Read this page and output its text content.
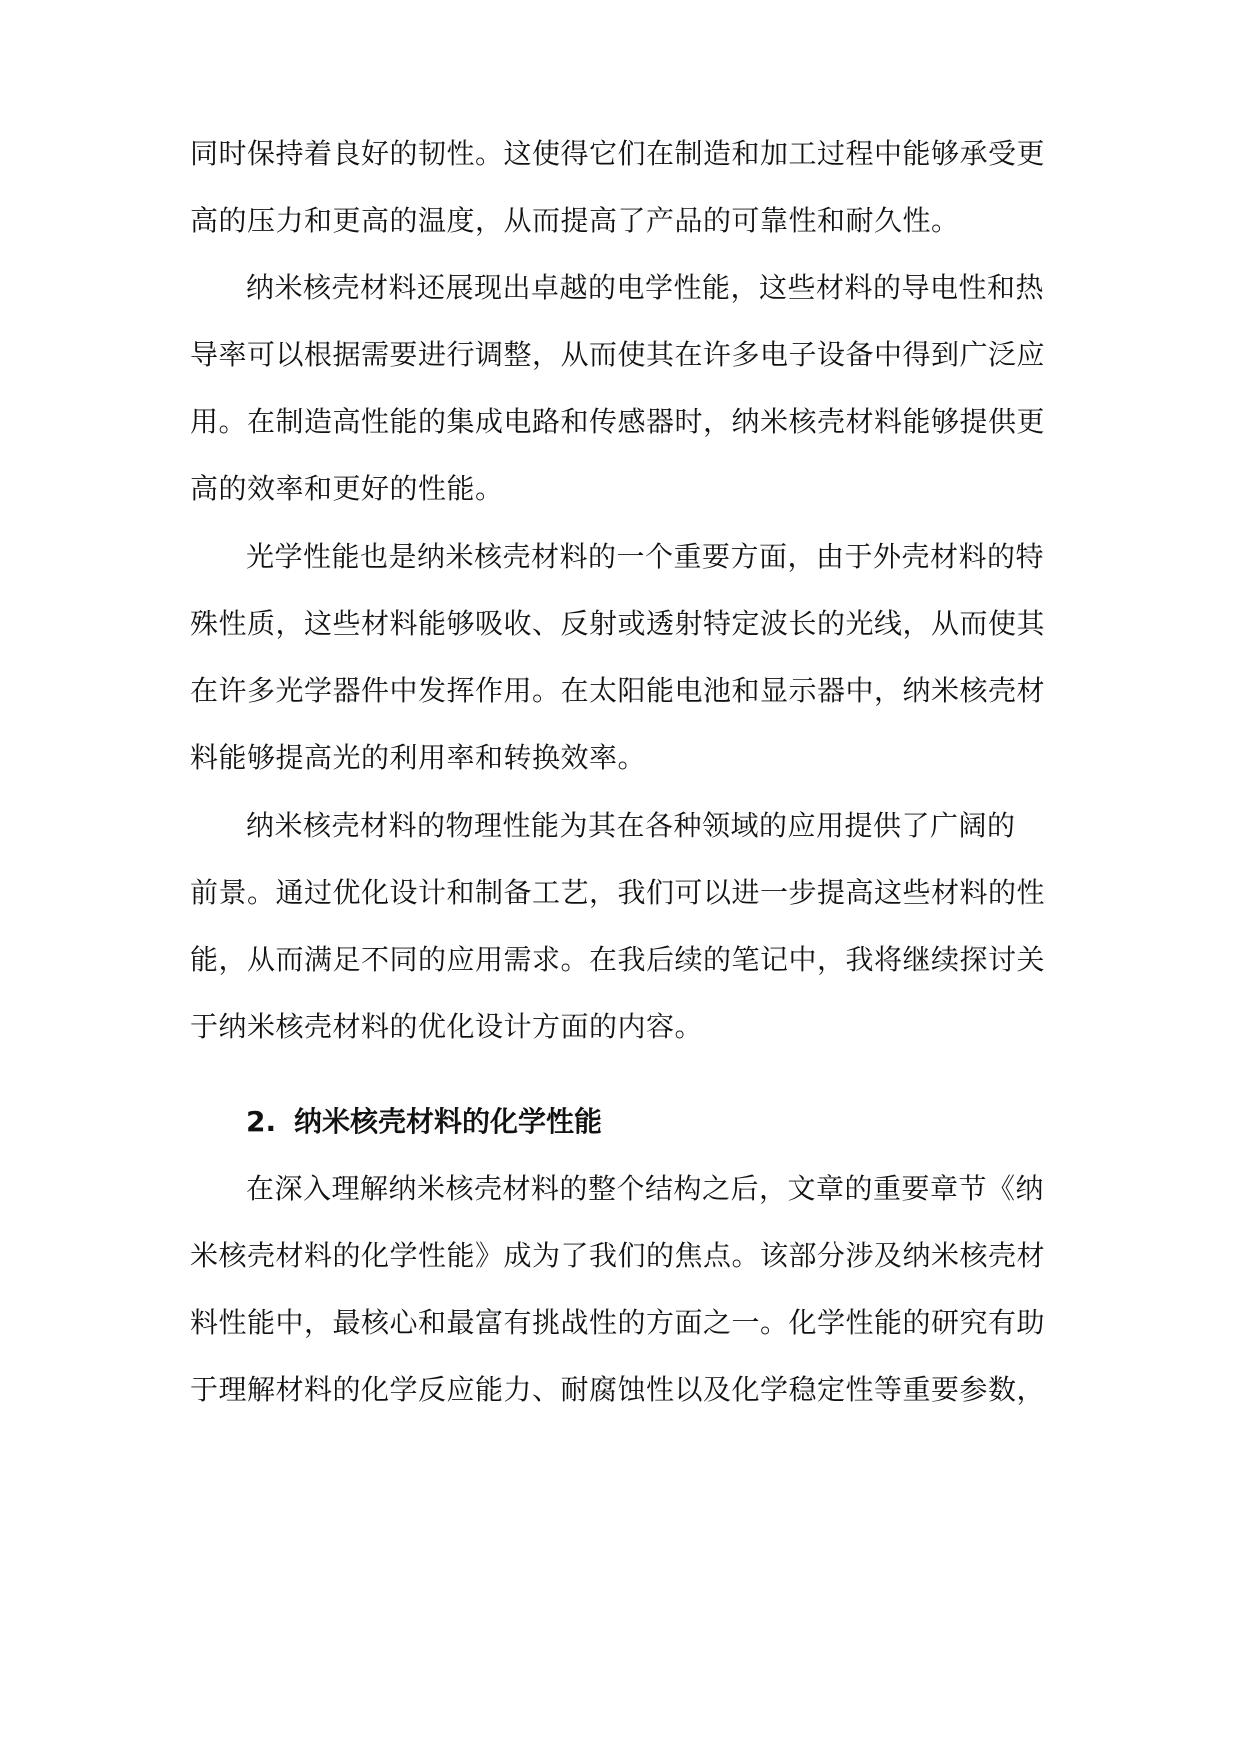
同时保持着良好的韧性。这使得它们在制造和加工过程中能够承受更
高的压力和更高的温度，从而提高了产品的可靠性和耐久性。
纳米核壳材料还展现出卓越的电学性能，这些材料的导电性和热
导率可以根据需要进行调整，从而使其在许多电子设备中得到广泛应
用。在制造高性能的集成电路和传感器时，纳米核壳材料能够提供更
高的效率和更好的性能。
光学性能也是纳米核壳材料的一个重要方面，由于外壳材料的特
殊性质，这些材料能够吸收、反射或透射特定波长的光线，从而使其
在许多光学器件中发挥作用。在太阳能电池和显示器中，纳米核壳材
料能够提高光的利用率和转换效率。
纳米核壳材料的物理性能为其在各种领域的应用提供了广阔的
前景。通过优化设计和制备工艺，我们可以进一步提高这些材料的性
能，从而满足不同的应用需求。在我后续的笔记中，我将继续探讨关
于纳米核壳材料的优化设计方面的内容。
2. 纳米核壳材料的化学性能
在深入理解纳米核壳材料的整个结构之后，文章的重要章节《纳
米核壳材料的化学性能》成为了我们的焦点。该部分涉及纳米核壳材
料性能中，最核心和最富有挑战性的方面之一。化学性能的研究有助
于理解材料的化学反应能力、耐腐蚀性以及化学稳定性等重要参数，
